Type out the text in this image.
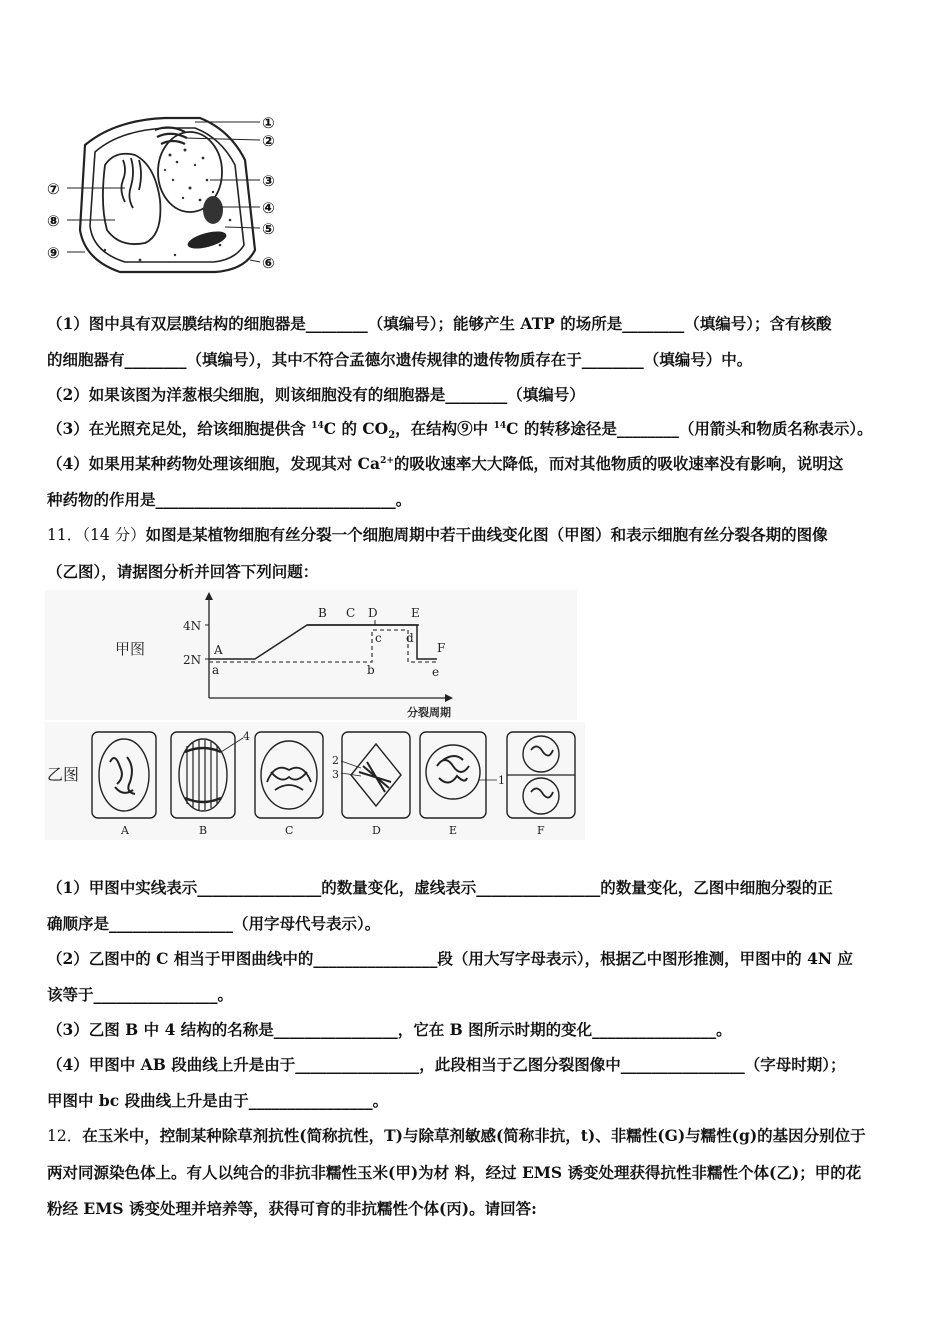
①
②
③
④
⑤
⑥
⑦
⑧
⑨
（1）图中具有双层膜结构的细胞器是________（填编号）；能够产生 ATP 的场所是________（填编号）；含有核酸
的细胞器有________（填编号），其中不符合孟德尔遗传规律的遗传物质存在于________（填编号）中。
（2）如果该图为洋葱根尖细胞，则该细胞没有的细胞器是________（填编号）
（3）在光照充足处，给该细胞提供含 $^{14}$C 的 $CO_2$，在结构⑨中 $^{14}$C 的转移途径是________（用箭头和物质名称表示）。
（4）如果用某种药物处理该细胞，发现其对 $Ca^{2+}$的吸收速率大大降低，而对其他物质的吸收速率没有影响，说明这
种药物的作用是_______________________________。
11．（14 分）如图是某植物细胞有丝分裂一个细胞周期中若干曲线变化图（甲图）和表示细胞有丝分裂各期的图像
（乙图），请据图分析并回答下列问题：
甲图
4N
2N
分裂周期
A
B C D	E
F
a	b
c d
e
乙图
4
2
3	1
A	B	C	D	E	F
（1）甲图中实线表示________________的数量变化，虚线表示________________的数量变化，乙图中细胞分裂的正
确顺序是________________（用字母代号表示）。
（2）乙图中的 C 相当于甲图曲线中的________________段（用大写字母表示），根据乙中图形推测，甲图中的 4N 应
该等于________________。
（3）乙图 B 中 4 结构的名称是________________，它在 B 图所示时期的变化________________。
（4）甲图中 AB 段曲线上升是由于________________，此段相当于乙图分裂图像中________________（字母时期）；
甲图中 bc 段曲线上升是由于________________。
12．在玉米中，控制某种除草剂抗性(简称抗性，T)与除草剂敏感(简称非抗，t)、非糯性(G)与糯性(g)的基因分别位于
两对同源染色体上。有人以纯合的非抗非糯性玉米(甲)为材 料，经过 EMS 诱变处理获得抗性非糯性个体(乙)；甲的花
粉经 EMS 诱变处理并培养等，获得可育的非抗糯性个体(丙)。请回答:
